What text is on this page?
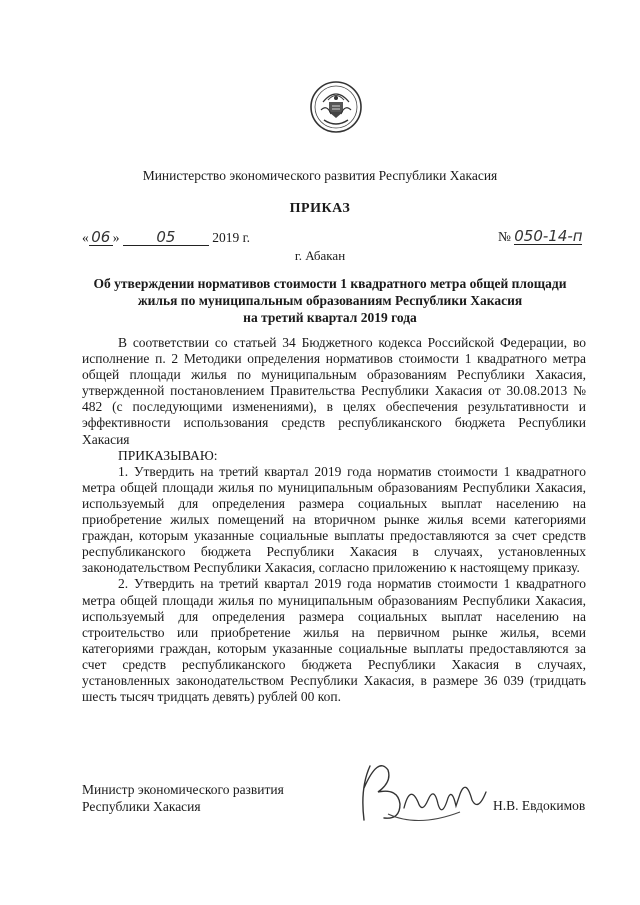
Министерство экономического развития Республики Хакасия
ПРИКАЗ
« 06 » 05	2019 г.	№ 050-14-п
г. Абакан
Об утверждении нормативов стоимости 1 квадратного метра общей площади
жилья по муниципальным образованиям Республики Хакасия
на третий квартал 2019 года

В соответствии со статьей 34 Бюджетного кодекса Российской Федерации, во исполнение п. 2 Методики определения нормативов стоимости 1 квадратного метра общей площади жилья по муниципальным образованиям Республики Хакасия, утвержденной постановлением Правительства Республики Хакасия от 30.08.2013 № 482 (с последующими изменениями), в целях обеспечения результативности и эффективности использования средств республиканского бюджета Республики Хакасия

ПРИКАЗЫВАЮ:

1. Утвердить на третий квартал 2019 года норматив стоимости 1 квадратного метра общей площади жилья по муниципальным образованиям Республики Хакасия, используемый для определения размера социальных выплат населению на приобретение жилых помещений на вторичном рынке жилья всеми категориями граждан, которым указанные социальные выплаты предоставляются за счет средств республиканского бюджета Республики Хакасия в случаях, установленных законодательством Республики Хакасия, согласно приложению к настоящему приказу.

2. Утвердить на третий квартал 2019 года норматив стоимости 1 квадратного метра общей площади жилья по муниципальным образованиям Республики Хакасия, используемый для определения размера социальных выплат населению на строительство или приобретение жилья на первичном рынке жилья, всеми категориями граждан, которым указанные социальные выплаты предоставляются за счет средств республиканского бюджета Республики Хакасия в случаях, установленных законодательством Республики Хакасия, в размере 36 039 (тридцать шесть тысяч тридцать девять) рублей 00 коп.

Министр экономического развития
Республики Хакасия	Н.В. Евдокимов
